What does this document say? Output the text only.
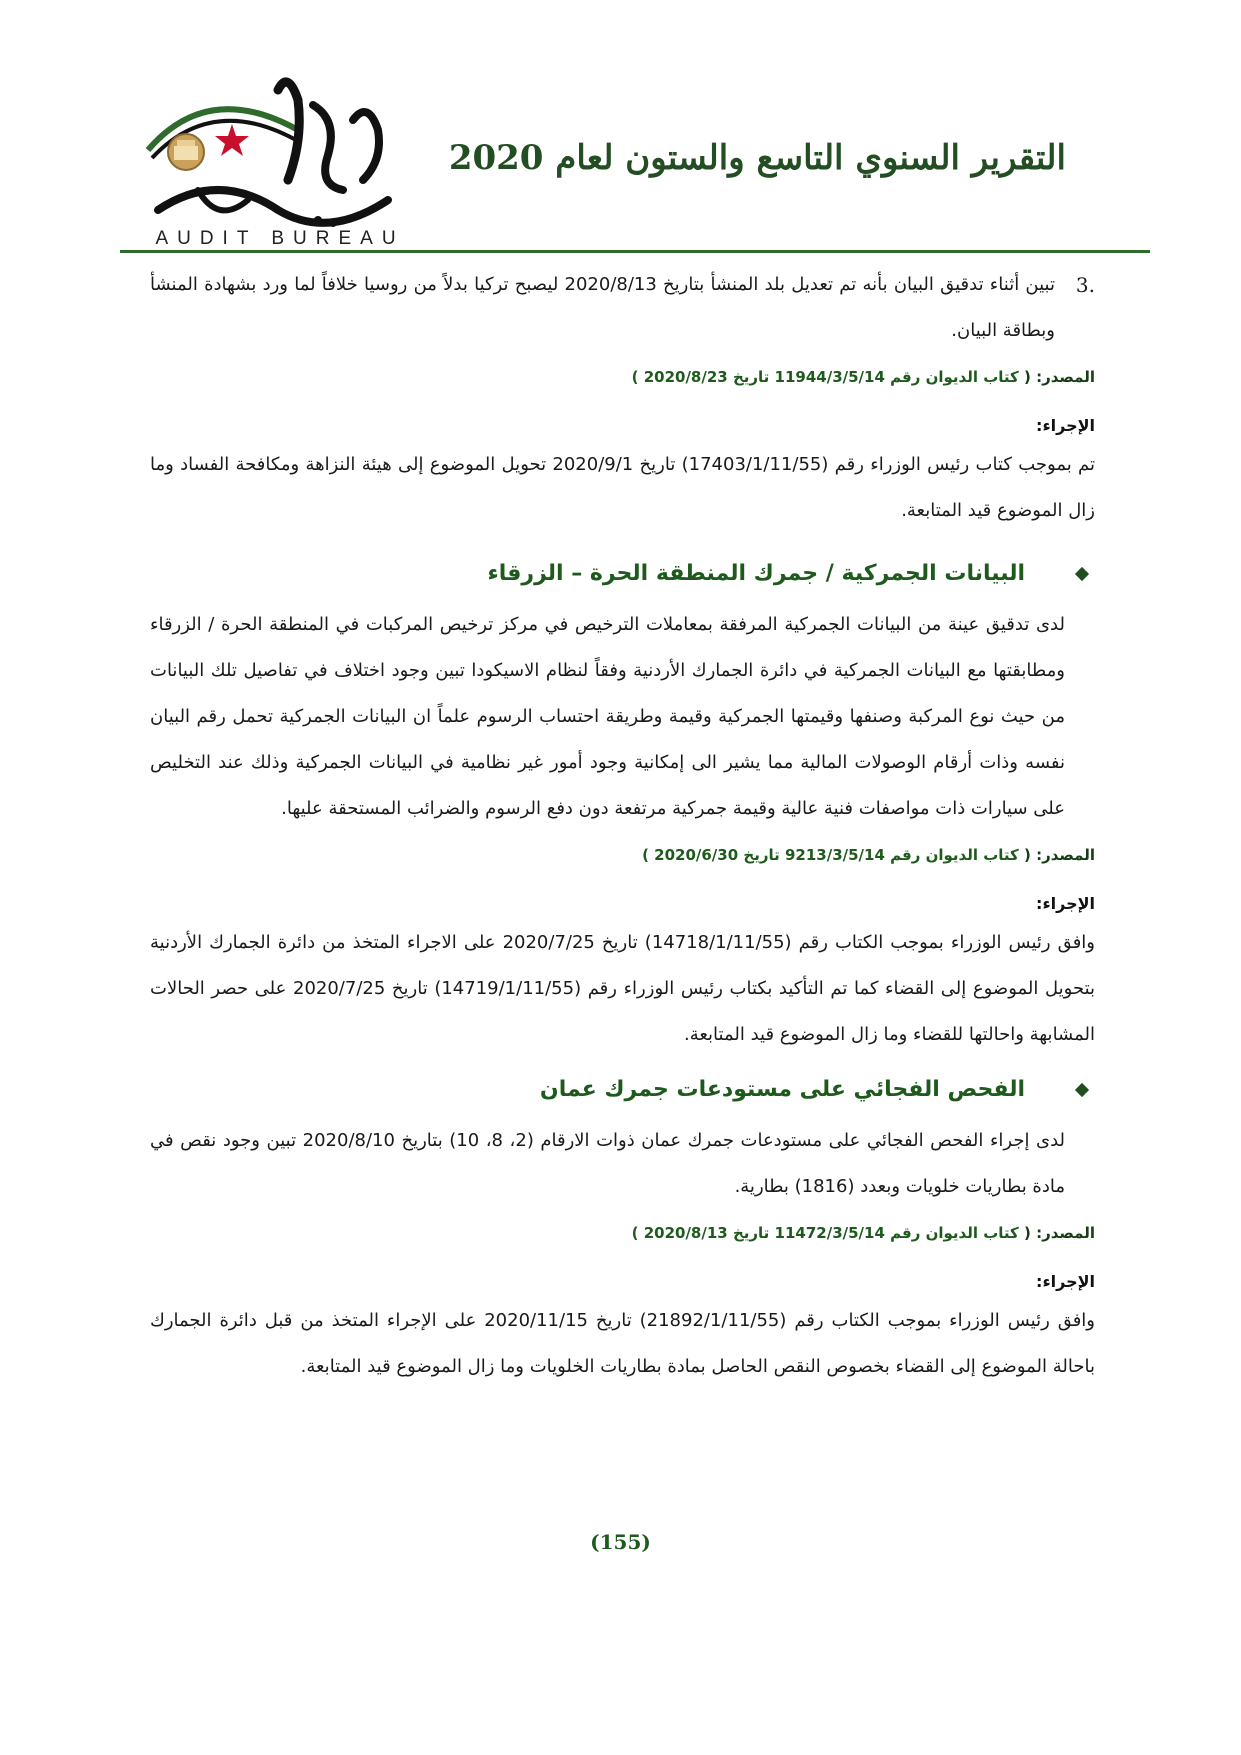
التقرير السنوي التاسع والستون لعام 2020
AUDIT BUREAU
.3

تبين أثناء تدقيق البيان بأنه تم تعديل بلد المنشأ بتاريخ 2020/8/13 ليصبح تركيا بدلاً من روسيا خلافاً لما ورد بشهادة المنشأ وبطاقة البيان.

المصدر: ( كتاب الديوان رقم 11944/3/5/14 تاريخ 2020/8/23 )

الإجراء:

تم بموجب كتاب رئيس الوزراء رقم (17403/1/11/55) تاريخ 2020/9/1 تحويل الموضوع إلى هيئة النزاهة ومكافحة الفساد وما زال الموضوع قيد المتابعة.

البيانات الجمركية / جمرك المنطقة الحرة – الزرقاء

لدى تدقيق عينة من البيانات الجمركية المرفقة بمعاملات الترخيص في مركز ترخيص المركبات في المنطقة الحرة / الزرقاء ومطابقتها مع البيانات الجمركية في دائرة الجمارك الأردنية وفقاً لنظام الاسيكودا تبين وجود اختلاف في تفاصيل تلك البيانات من حيث نوع المركبة وصنفها وقيمتها الجمركية وقيمة وطريقة احتساب الرسوم علماً ان البيانات الجمركية تحمل رقم البيان نفسه وذات أرقام الوصولات المالية مما يشير الى إمكانية وجود أمور غير نظامية في البيانات الجمركية وذلك عند التخليص على سيارات ذات مواصفات فنية عالية وقيمة جمركية مرتفعة دون دفع الرسوم والضرائب المستحقة عليها.

المصدر: ( كتاب الديوان رقم 9213/3/5/14 تاريخ 2020/6/30 )

الإجراء:

وافق رئيس الوزراء بموجب الكتاب رقم (14718/1/11/55) تاريخ 2020/7/25 على الاجراء المتخذ من دائرة الجمارك الأردنية بتحويل الموضوع إلى القضاء كما تم التأكيد بكتاب رئيس الوزراء رقم (14719/1/11/55) تاريخ 2020/7/25 على حصر الحالات المشابهة واحالتها للقضاء وما زال الموضوع قيد المتابعة.

الفحص الفجائي على مستودعات جمرك عمان

لدى إجراء الفحص الفجائي على مستودعات جمرك عمان ذوات الارقام (2، 8، 10) بتاريخ 2020/8/10 تبين وجود نقص في مادة بطاريات خلويات وبعدد (1816) بطارية.

المصدر: ( كتاب الديوان رقم 11472/3/5/14 تاريخ 2020/8/13 )

الإجراء:

وافق رئيس الوزراء بموجب الكتاب رقم (21892/1/11/55) تاريخ 2020/11/15 على الإجراء المتخذ من قبل دائرة الجمارك باحالة الموضوع إلى القضاء بخصوص النقص الحاصل بمادة بطاريات الخلويات وما زال الموضوع قيد المتابعة.

(155)
